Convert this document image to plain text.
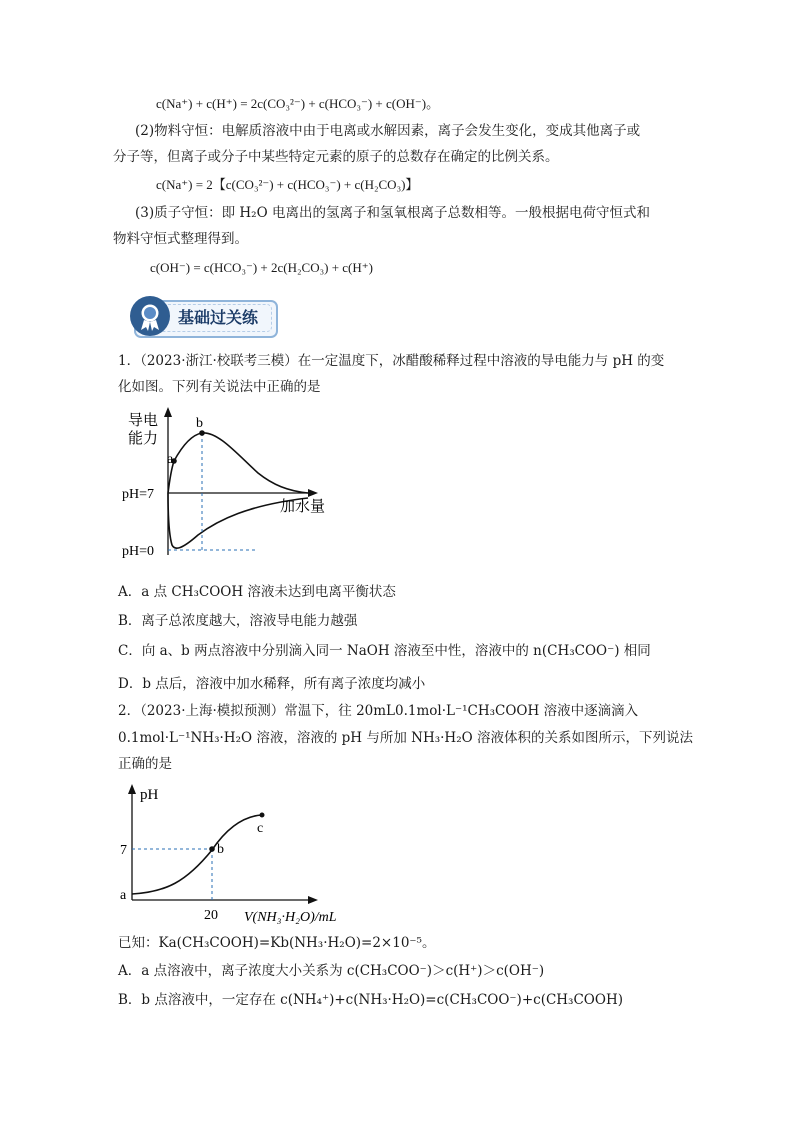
c(Na⁺) + c(H⁺) = 2c(CO₃²⁻) + c(HCO₃⁻) + c(OH⁻)。
(2)物料守恒：电解质溶液中由于电离或水解因素，离子会发生变化，变成其他离子或
分子等，但离子或分子中某些特定元素的原子的总数存在确定的比例关系。
c(Na⁺) = 2【c(CO₃²⁻) + c(HCO₃⁻) + c(H₂CO₃)】
(3)质子守恒：即 H₂O 电离出的氢离子和氢氧根离子总数相等。一般根据电荷守恒式和
物料守恒式整理得到。
c(OH⁻) = c(HCO₃⁻) + 2c(H₂CO₃) + c(H⁺)
基础过关练
1．（2023·浙江·校联考三模）在一定温度下，冰醋酸稀释过程中溶液的导电能力与 pH 的变
化如图。下列有关说法中正确的是
导电
能力
a
b
pH=7
pH=0
加水量
A．a 点 CH₃COOH 溶液未达到电离平衡状态
B．离子总浓度越大，溶液导电能力越强
C．向 a、b 两点溶液中分别滴入同一 NaOH 溶液至中性，溶液中的 n(CH₃COO⁻) 相同
D．b 点后，溶液中加水稀释，所有离子浓度均减小
2．（2023·上海·模拟预测）常温下，往 20mL0.1mol·L⁻¹CH₃COOH 溶液中逐滴滴入
0.1mol·L⁻¹NH₃·H₂O 溶液，溶液的 pH 与所加 NH₃·H₂O 溶液体积的关系如图所示，下列说法
正确的是
pH
7
a
b
c
20 V(NH₃·H₂O)/mL
已知：Ka(CH₃COOH)=Kb(NH₃·H₂O)=2×10⁻⁵。
A．a 点溶液中，离子浓度大小关系为 c(CH₃COO⁻)＞c(H⁺)＞c(OH⁻)
B．b 点溶液中，一定存在 c(NH₄⁺)+c(NH₃·H₂O)=c(CH₃COO⁻)+c(CH₃COOH)
